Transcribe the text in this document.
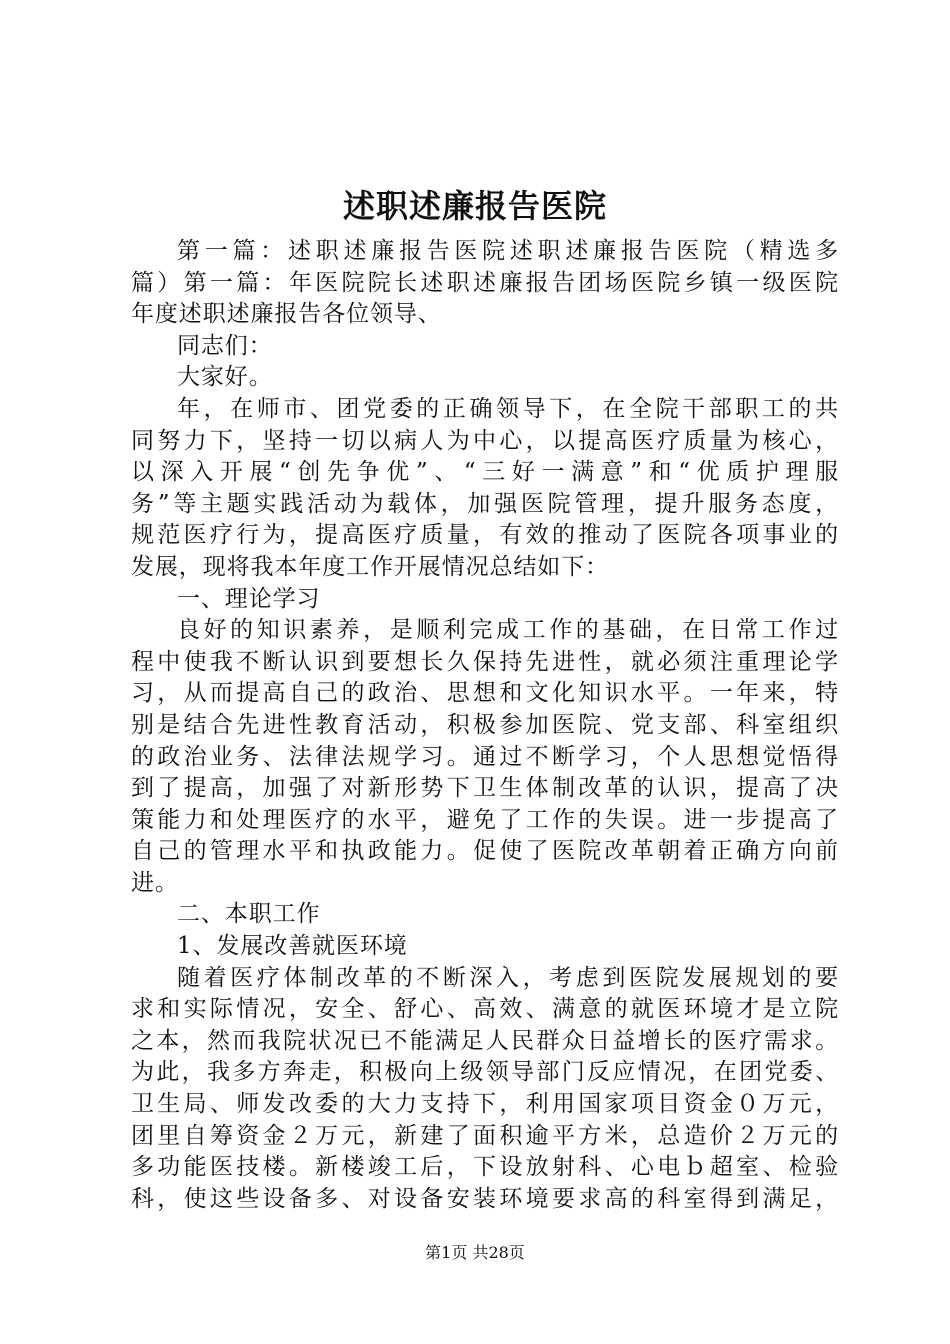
述职述廉报告医院
第一篇：述职述廉报告医院述职述廉报告医院（精选多
篇）第一篇：年医院院长述职述廉报告团场医院乡镇一级医院
年度述职述廉报告各位领导、
同志们：
大家好。
年，在师市、团党委的正确领导下，在全院干部职工的共
同努力下，坚持一切以病人为中心，以提高医疗质量为核心，
以深入开展“创先争优”、“三好一满意”和“优质护理服
务”等主题实践活动为载体，加强医院管理，提升服务态度，
规范医疗行为，提高医疗质量，有效的推动了医院各项事业的
发展，现将我本年度工作开展情况总结如下：
一、理论学习
良好的知识素养，是顺利完成工作的基础，在日常工作过
程中使我不断认识到要想长久保持先进性，就必须注重理论学
习，从而提高自己的政治、思想和文化知识水平。一年来，特
别是结合先进性教育活动，积极参加医院、党支部、科室组织
的政治业务、法律法规学习。通过不断学习，个人思想觉悟得
到了提高，加强了对新形势下卫生体制改革的认识，提高了决
策能力和处理医疗的水平，避免了工作的失误。进一步提高了
自己的管理水平和执政能力。促使了医院改革朝着正确方向前
进。
二、本职工作
1、发展改善就医环境
随着医疗体制改革的不断深入，考虑到医院发展规划的要
求和实际情况，安全、舒心、高效、满意的就医环境才是立院
之本，然而我院状况已不能满足人民群众日益增长的医疗需求。
为此，我多方奔走，积极向上级领导部门反应情况，在团党委、
卫生局、师发改委的大力支持下，利用国家项目资金０万元，
团里自筹资金２万元，新建了面积逾平方米，总造价２万元的
多功能医技楼。新楼竣工后，下设放射科、心电ｂ超室、检验
科，使这些设备多、对设备安装环境要求高的科室得到满足，
第1页 共28页
